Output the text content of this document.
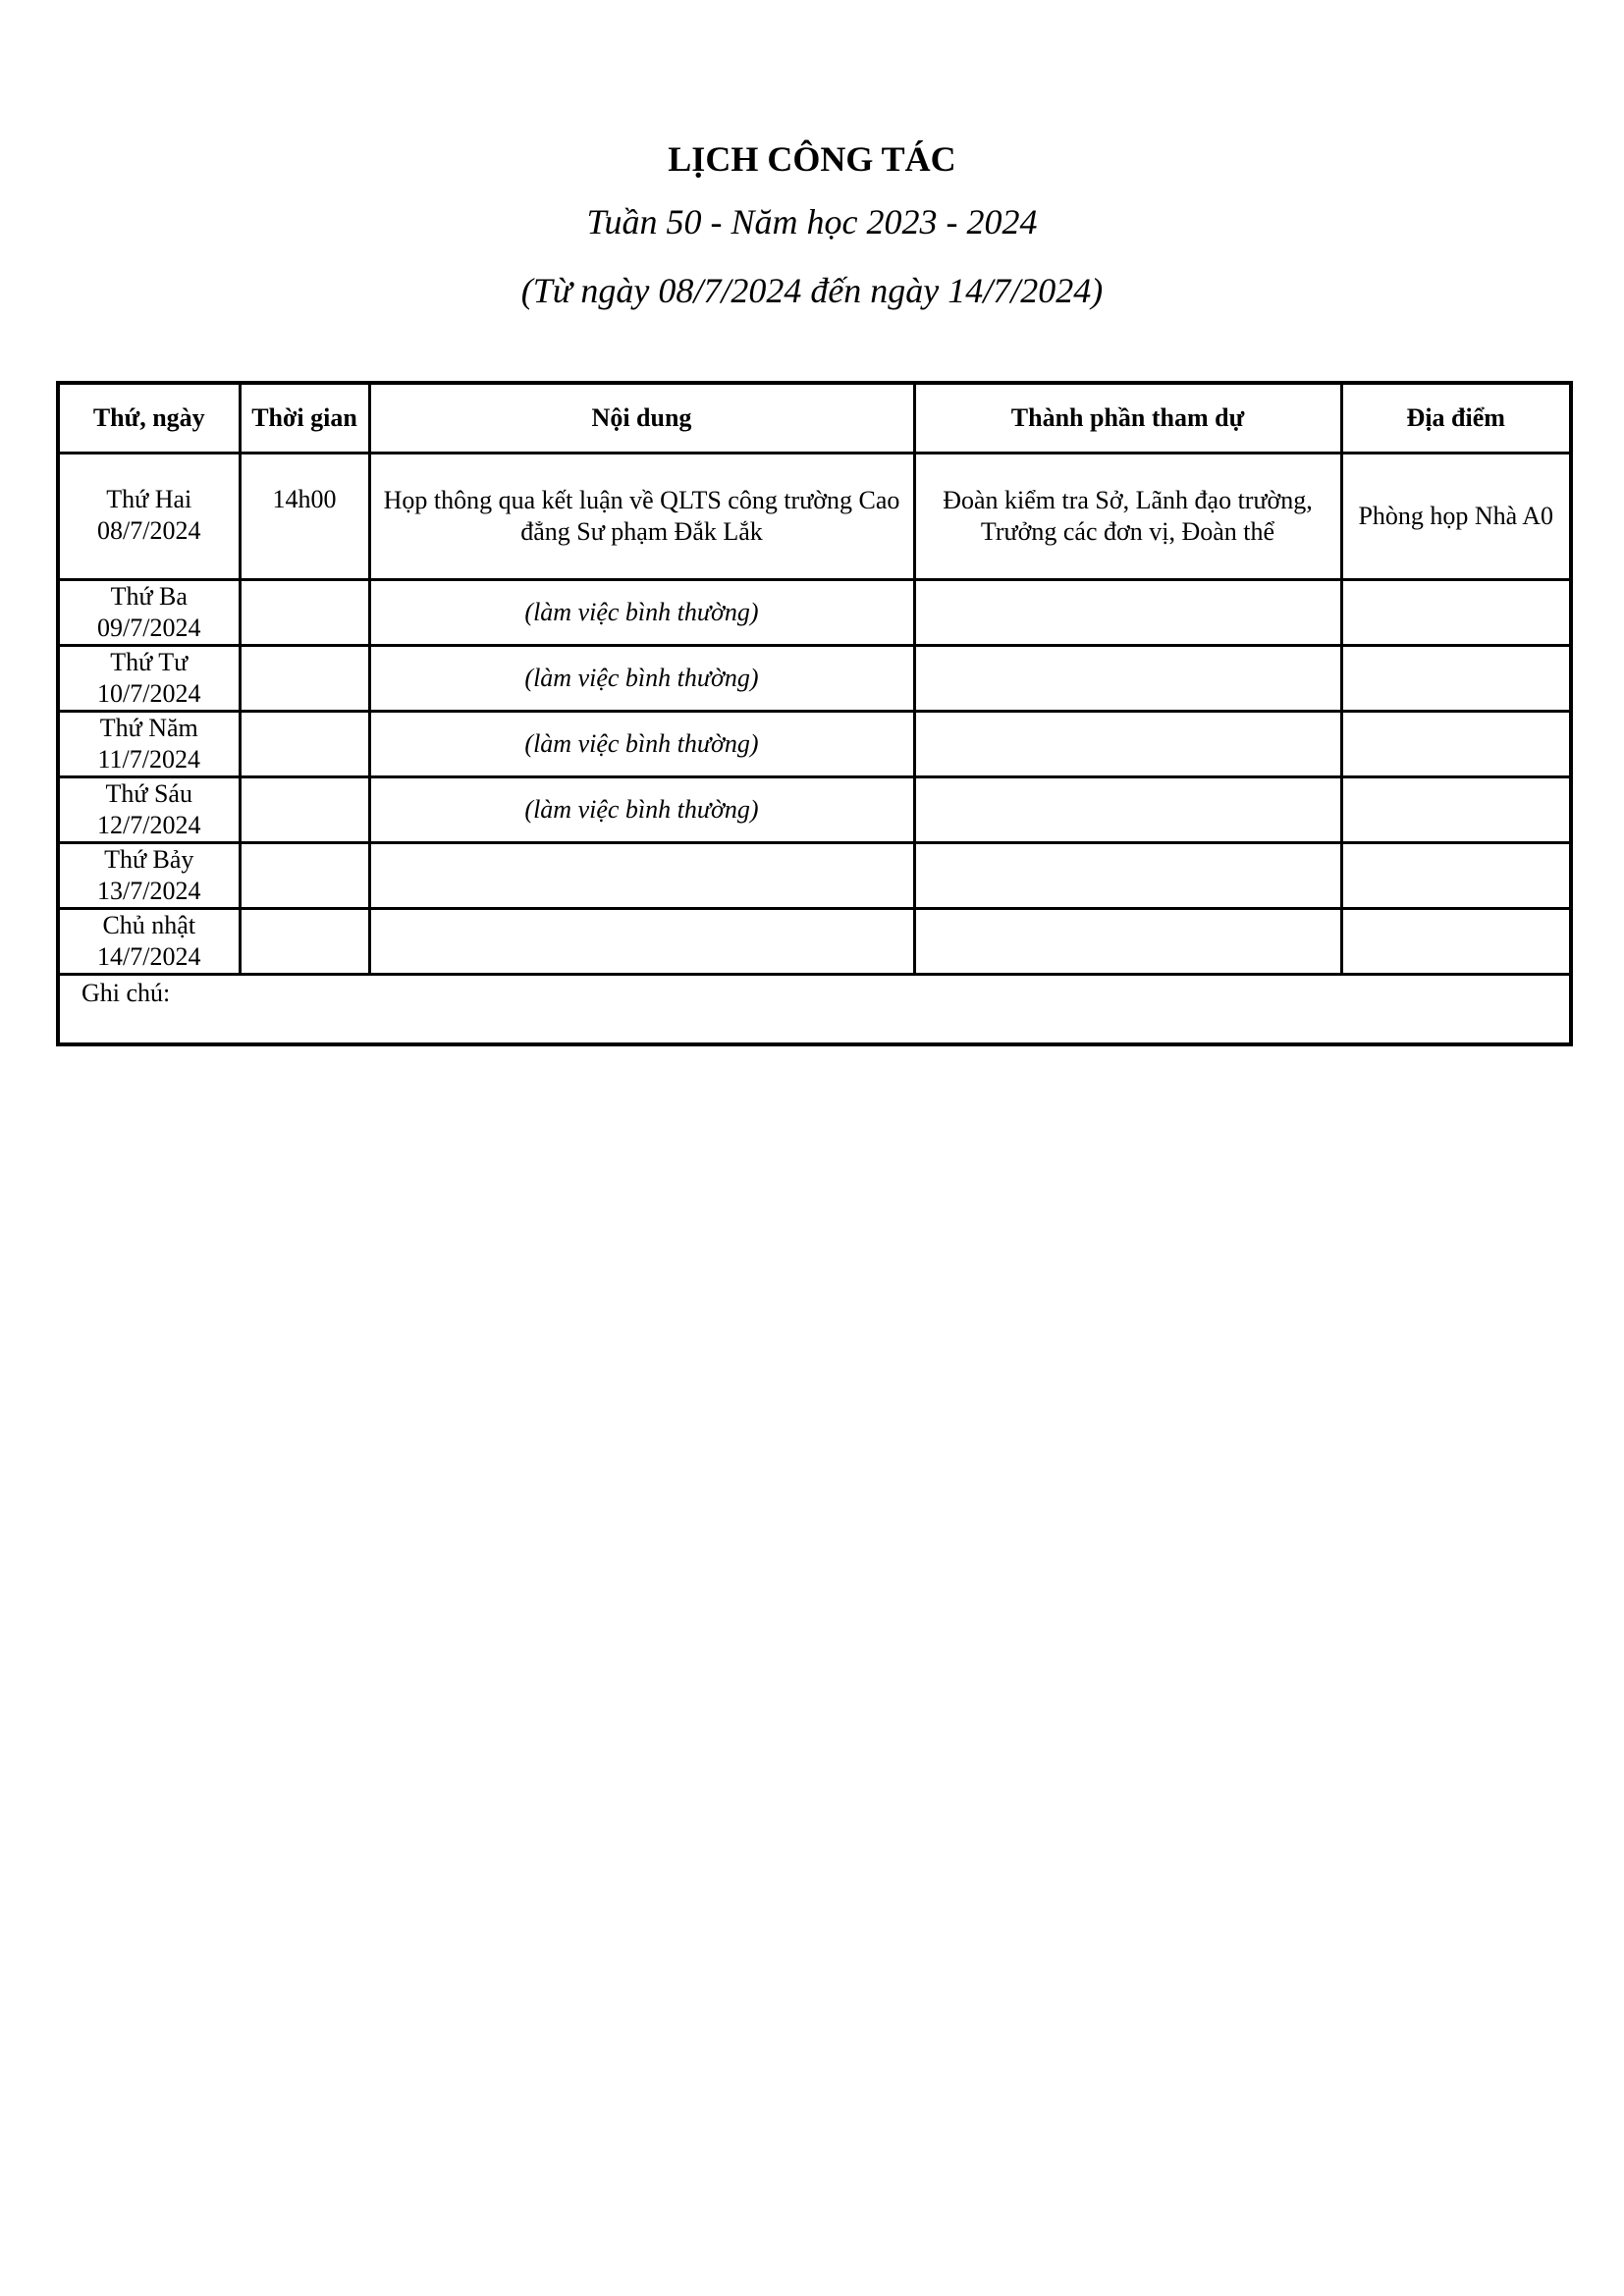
LỊCH CÔNG TÁC
Tuần 50 - Năm học 2023 - 2024
(Từ ngày 08/7/2024 đến ngày 14/7/2024)
Thứ, ngày	Thời gian	Nội dung	Thành phần tham dự	Địa điểm

Thứ Hai
08/7/2024	14h00	Họp thông qua kết luận về QLTS công trường Cao đẳng Sư phạm Đắk Lắk	Đoàn kiểm tra Sở, Lãnh đạo trường, Trưởng các đơn vị, Đoàn thể	Phòng họp Nhà A0

Thứ Ba
09/7/2024		(làm việc bình thường)		

Thứ Tư
10/7/2024		(làm việc bình thường)		

Thứ Năm
11/7/2024		(làm việc bình thường)		

Thứ Sáu
12/7/2024		(làm việc bình thường)		

Thứ Bảy
13/7/2024				

Chủ nhật
14/7/2024				

Ghi chú:				
